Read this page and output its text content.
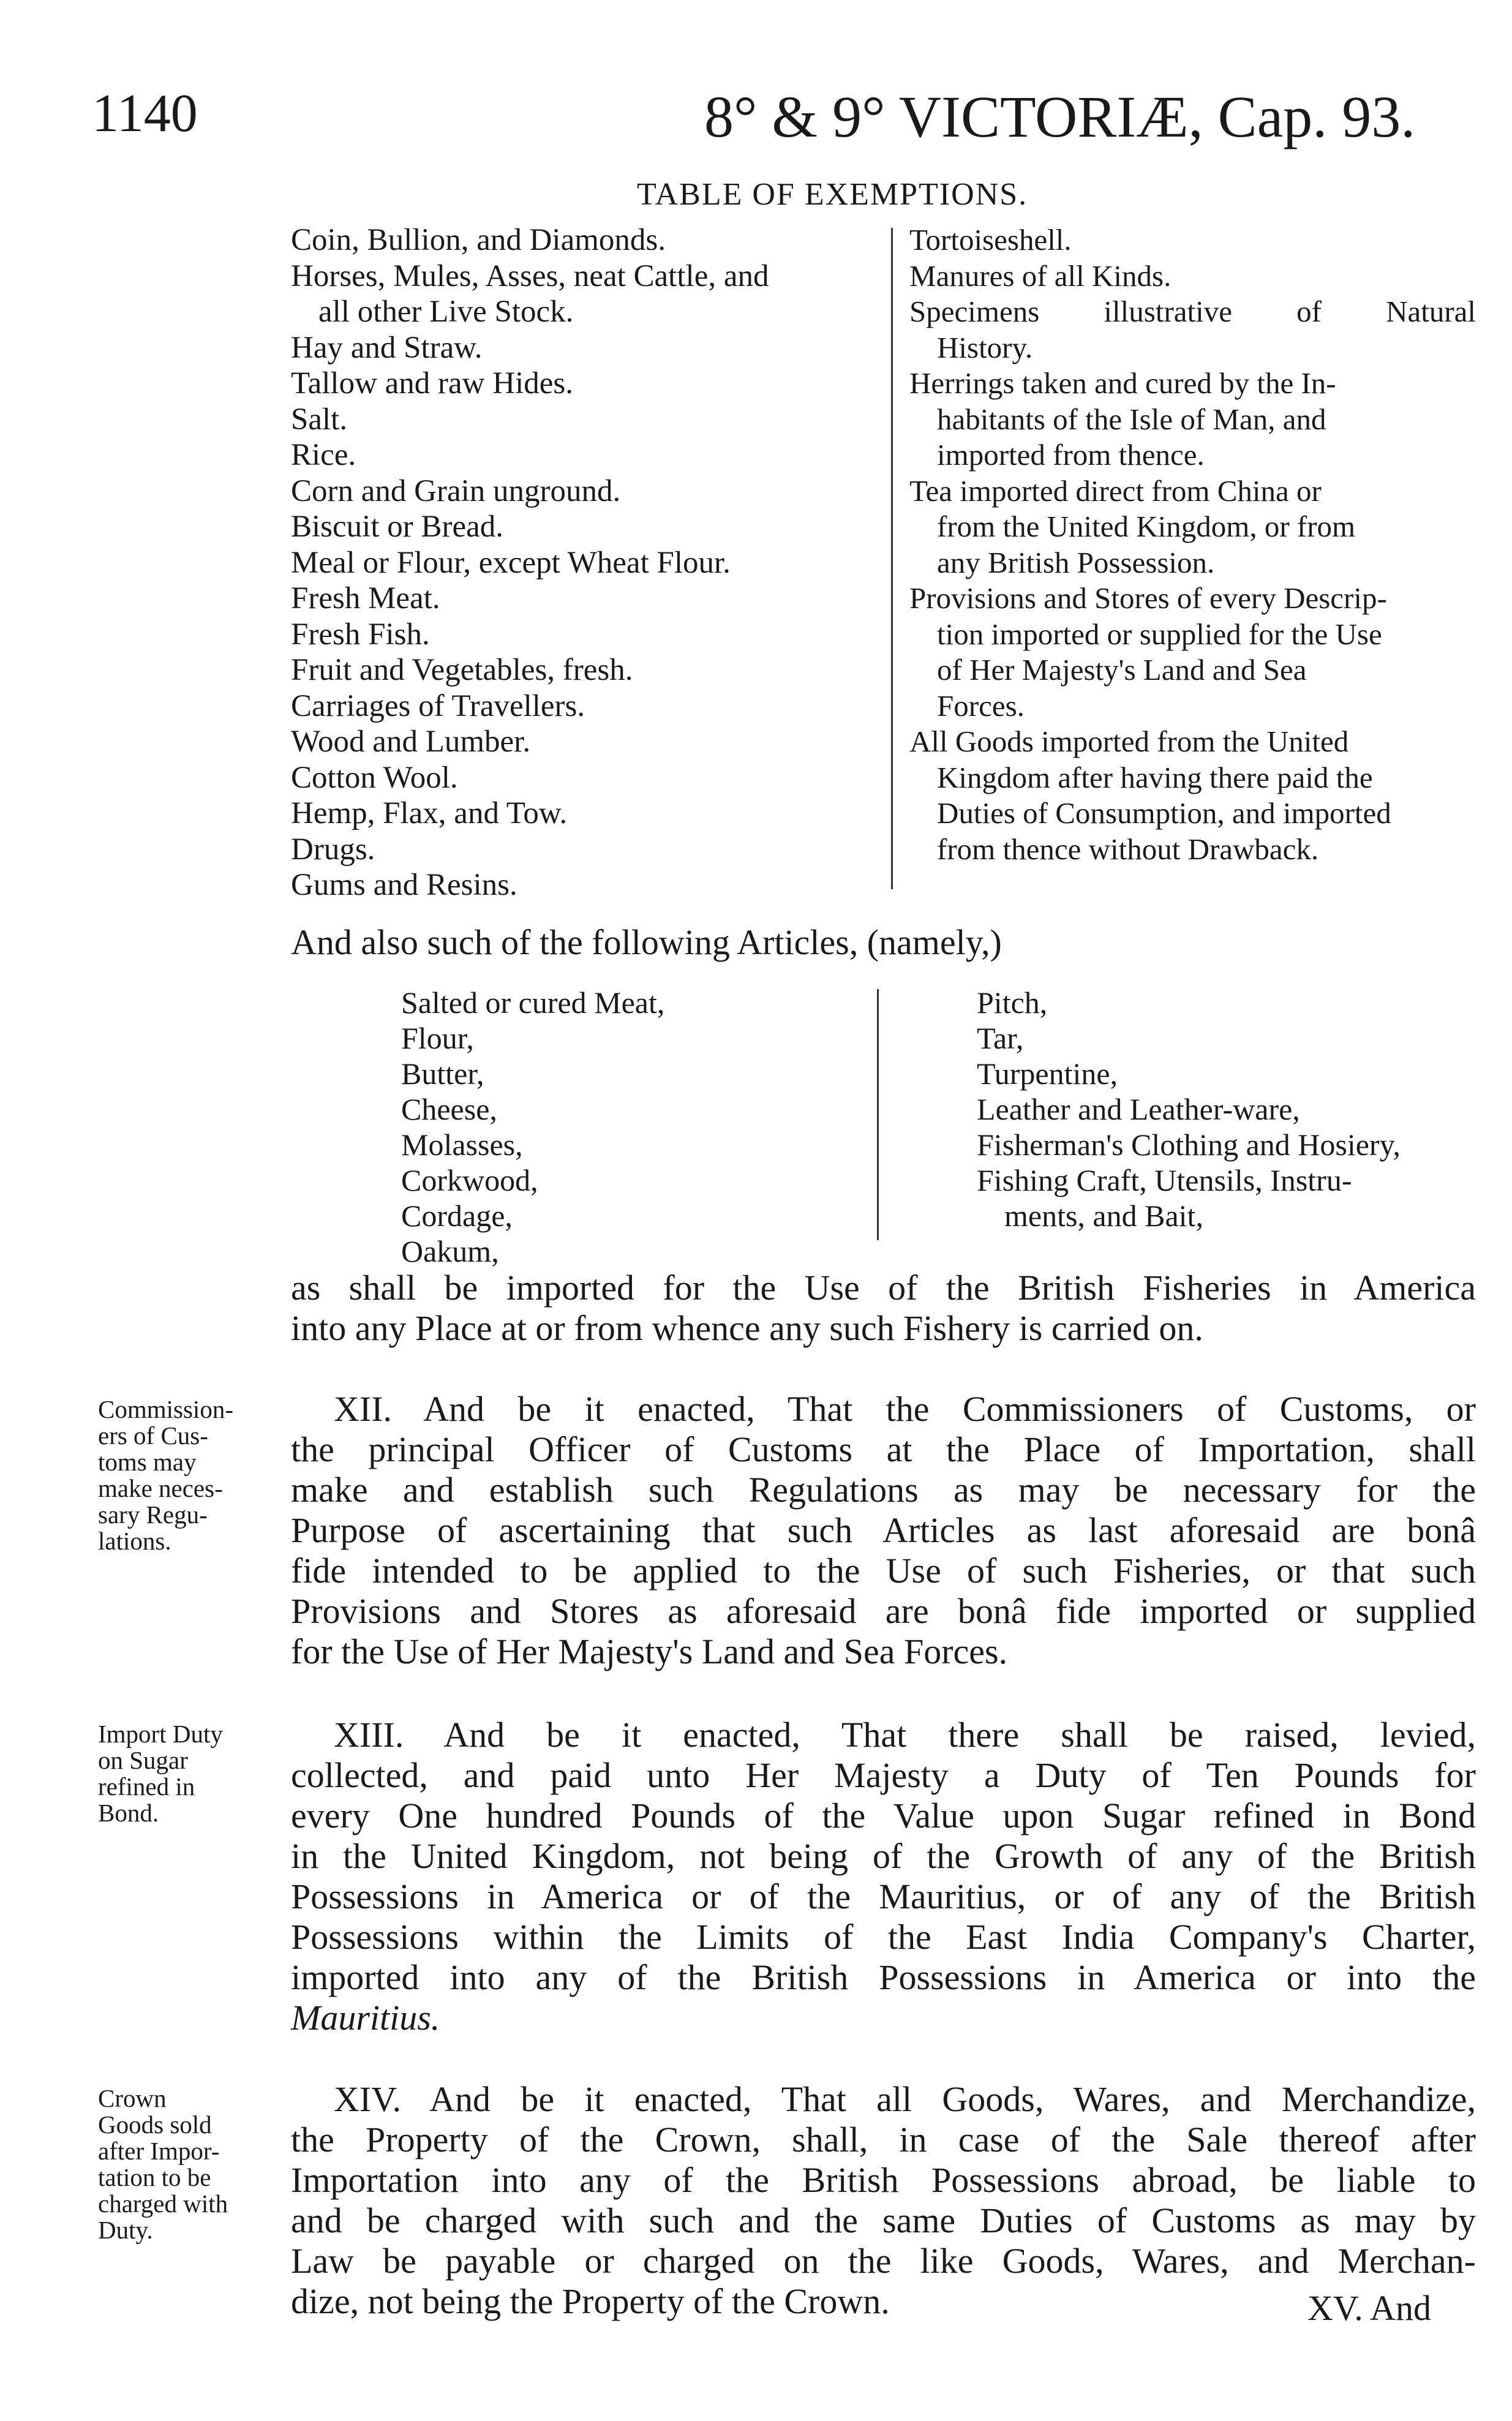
1140	8° & 9° VICTORIÆ, Cap. 93.
TABLE OF EXEMPTIONS.
Coin, Bullion, and Diamonds.
Horses, Mules, Asses, neat Cattle, and
all other Live Stock.
Hay and Straw.
Tallow and raw Hides.
Salt.
Rice.
Corn and Grain unground.
Biscuit or Bread.
Meal or Flour, except Wheat Flour.
Fresh Meat.
Fresh Fish.
Fruit and Vegetables, fresh.
Carriages of Travellers.
Wood and Lumber.
Cotton Wool.
Hemp, Flax, and Tow.
Drugs.
Gums and Resins.
Tortoiseshell.
Manures of all Kinds.
Specimens illustrative of Natural
History.
Herrings taken and cured by the In-
habitants of the Isle of Man, and
imported from thence.
Tea imported direct from China or
from the United Kingdom, or from
any British Possession.
Provisions and Stores of every Descrip-
tion imported or supplied for the Use
of Her Majesty's Land and Sea
Forces.
All Goods imported from the United
Kingdom after having there paid the
Duties of Consumption, and imported
from thence without Drawback.
And also such of the following Articles, (namely,)
Salted or cured Meat,
Flour,
Butter,
Cheese,
Molasses,
Corkwood,
Cordage,
Oakum,
Pitch,
Tar,
Turpentine,
Leather and Leather-ware,
Fisherman's Clothing and Hosiery,
Fishing Craft, Utensils, Instru-
ments, and Bait,
as shall be imported for the Use of the British Fisheries in America
into any Place at or from whence any such Fishery is carried on.
Commission-
ers of Cus-
toms may
make neces-
sary Regu-
lations.
XII. And be it enacted, That the Commissioners of Customs, or
the principal Officer of Customs at the Place of Importation, shall
make and establish such Regulations as may be necessary for the
Purpose of ascertaining that such Articles as last aforesaid are bonâ
fide intended to be applied to the Use of such Fisheries, or that such
Provisions and Stores as aforesaid are bonâ fide imported or supplied
for the Use of Her Majesty's Land and Sea Forces.
Import Duty
on Sugar
refined in
Bond.
XIII. And be it enacted, That there shall be raised, levied,
collected, and paid unto Her Majesty a Duty of Ten Pounds for
every One hundred Pounds of the Value upon Sugar refined in Bond
in the United Kingdom, not being of the Growth of any of the British
Possessions in America or of the Mauritius, or of any of the British
Possessions within the Limits of the East India Company's Charter,
imported into any of the British Possessions in America or into the
Mauritius.
Crown
Goods sold
after Impor-
tation to be
charged with
Duty.
XIV. And be it enacted, That all Goods, Wares, and Merchandize,
the Property of the Crown, shall, in case of the Sale thereof after
Importation into any of the British Possessions abroad, be liable to
and be charged with such and the same Duties of Customs as may by
Law be payable or charged on the like Goods, Wares, and Merchan-
dize, not being the Property of the Crown.	XV. And
